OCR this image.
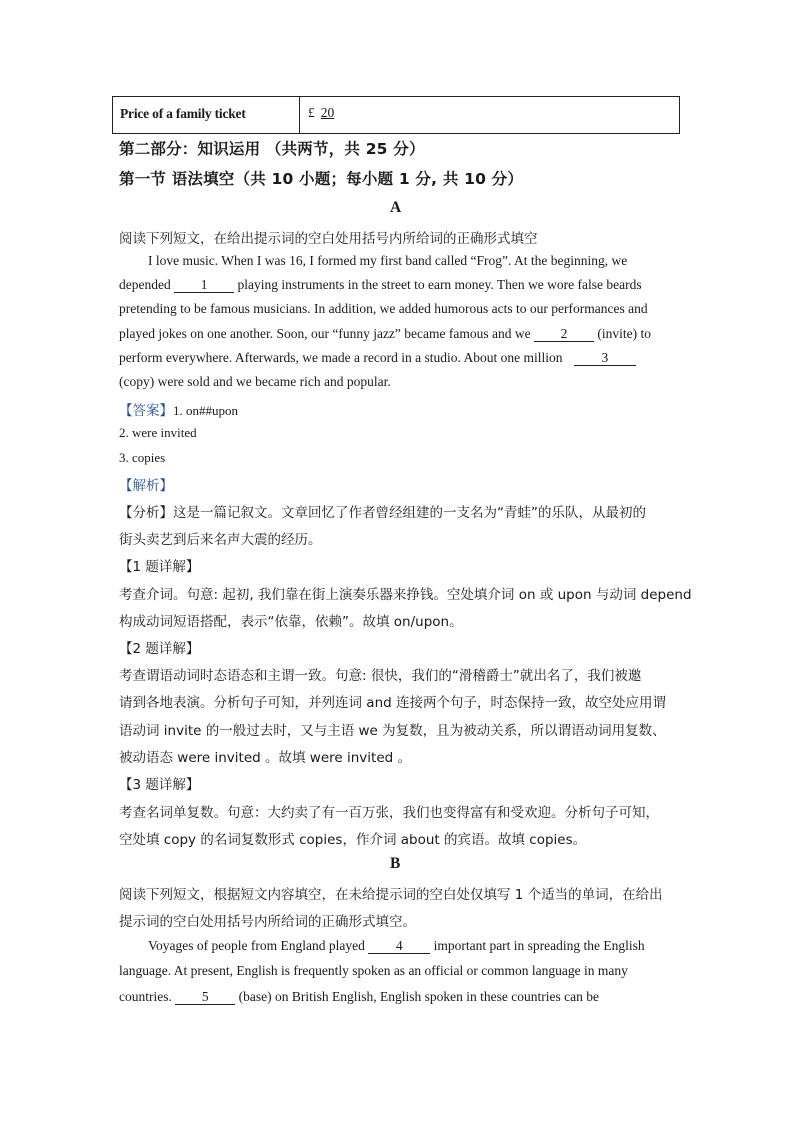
Price of a family ticket	£ 20
第二部分：知识运用 （共两节，共 25 分）
第一节 语法填空（共 10 小题；每小题 1 分, 共 10 分）
A
阅读下列短文，在给出提示词的空白处用括号内所给词的正确形式填空
I love music. When I was 16, I formed my first band called “Frog”. At the beginning, we
depended 1 playing instruments in the street to earn money. Then we wore false beards
pretending to be famous musicians. In addition, we added humorous acts to our performances and
played jokes on one another. Soon, our “funny jazz” became famous and we 2 (invite) to
perform everywhere. Afterwards, we made a record in a studio. About one million	3
(copy) were sold and we became rich and popular.
【答案】1. on##upon
2. were invited
3. copies
【解析】
【分析】这是一篇记叙文。文章回忆了作者曾经组建的一支名为“青蛙”的乐队，从最初的
街头卖艺到后来名声大震的经历。
【1 题详解】
考查介词。句意: 起初, 我们靠在街上演奏乐器来挣钱。空处填介词 on 或 upon 与动词 depend
构成动词短语搭配，表示“依靠，依赖”。故填 on/upon。
【2 题详解】
考查谓语动词时态语态和主谓一致。句意: 很快，我们的“滑稽爵士”就出名了，我们被邀
请到各地表演。分析句子可知，并列连词 and 连接两个句子，时态保持一致，故空处应用谓
语动词 invite 的一般过去时，又与主语 we 为复数，且为被动关系，所以谓语动词用复数、
被动语态 were invited 。故填 were invited 。
【3 题详解】
考查名词单复数。句意：大约卖了有一百万张，我们也变得富有和受欢迎。分析句子可知，
空处填 copy 的名词复数形式 copies，作介词 about 的宾语。故填 copies。
B
阅读下列短文，根据短文内容填空，在未给提示词的空白处仅填写 1 个适当的单词，在给出
提示词的空白处用括号内所给词的正确形式填空。
Voyages of people from England played 4 important part in spreading the English
language. At present, English is frequently spoken as an official or common language in many
countries. 5 (base) on British English, English spoken in these countries can be
